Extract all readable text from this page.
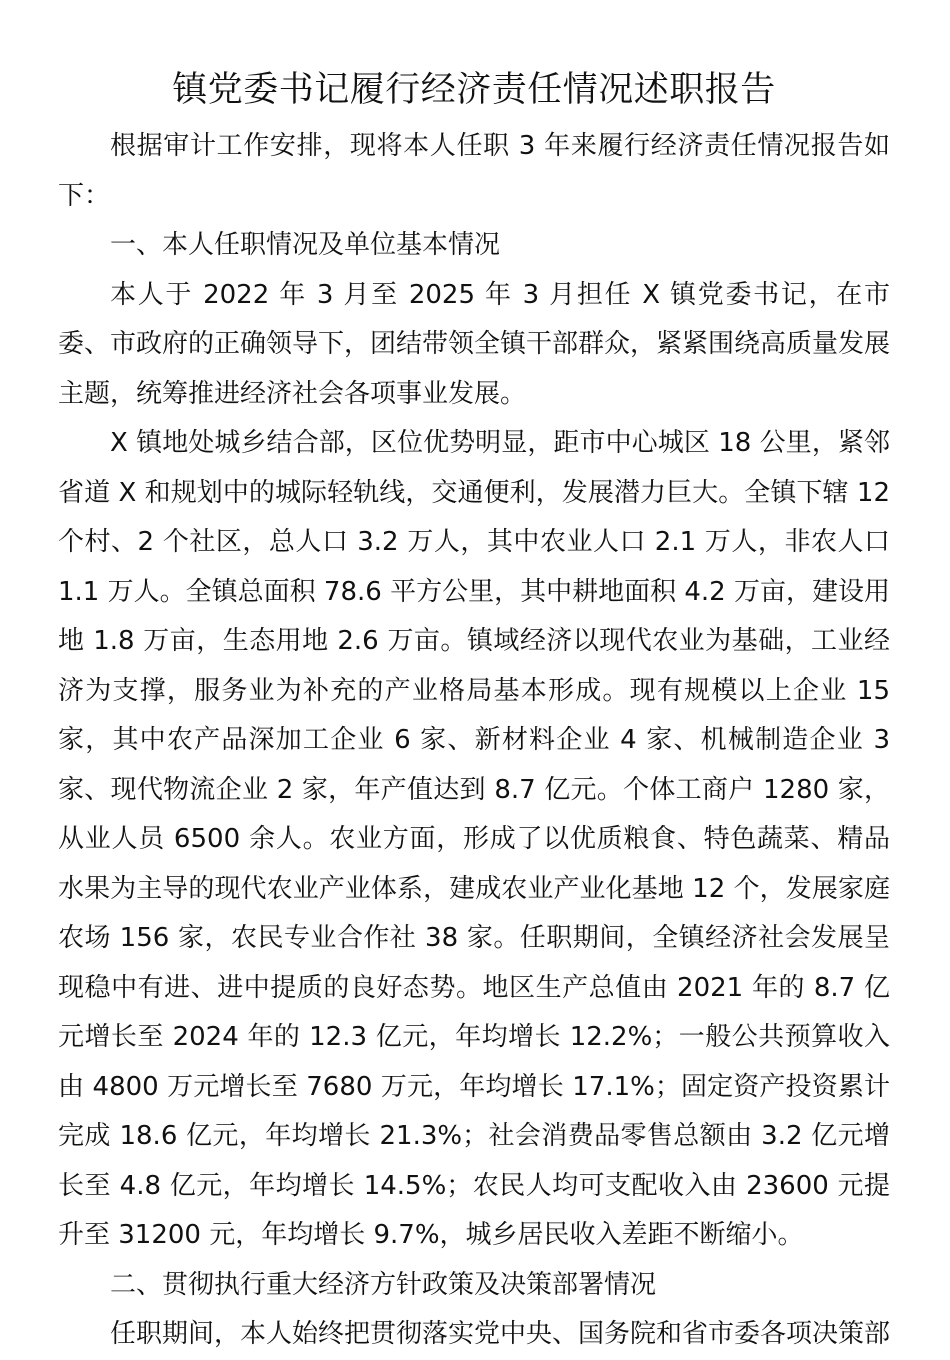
镇党委书记履行经济责任情况述职报告

根据审计工作安排，现将本人任职 3 年来履行经济责任情况报告如下：

一、本人任职情况及单位基本情况

本人于 2022 年 3 月至 2025 年 3 月担任 X 镇党委书记，在市委、市政府的正确领导下，团结带领全镇干部群众，紧紧围绕高质量发展主题，统筹推进经济社会各项事业发展。

X 镇地处城乡结合部，区位优势明显，距市中心城区 18 公里，紧邻省道 X 和规划中的城际轻轨线，交通便利，发展潜力巨大。全镇下辖 12 个村、2 个社区，总人口 3.2 万人，其中农业人口 2.1 万人，非农人口 1.1 万人。全镇总面积 78.6 平方公里，其中耕地面积 4.2 万亩，建设用地 1.8 万亩，生态用地 2.6 万亩。镇域经济以现代农业为基础，工业经济为支撑，服务业为补充的产业格局基本形成。现有规模以上企业 15 家，其中农产品深加工企业 6 家、新材料企业 4 家、机械制造企业 3 家、现代物流企业 2 家，年产值达到 8.7 亿元。个体工商户 1280 家，从业人员 6500 余人。农业方面，形成了以优质粮食、特色蔬菜、精品水果为主导的现代农业产业体系，建成农业产业化基地 12 个，发展家庭农场 156 家，农民专业合作社 38 家。任职期间，全镇经济社会发展呈现稳中有进、进中提质的良好态势。地区生产总值由 2021 年的 8.7 亿元增长至 2024 年的 12.3 亿元，年均增长 12.2%；一般公共预算收入由 4800 万元增长至 7680 万元，年均增长 17.1%；固定资产投资累计完成 18.6 亿元，年均增长 21.3%；社会消费品零售总额由 3.2 亿元增长至 4.8 亿元，年均增长 14.5%；农民人均可支配收入由 23600 元提升至 31200 元，年均增长 9.7%，城乡居民收入差距不断缩小。

二、贯彻执行重大经济方针政策及决策部署情况

任职期间，本人始终把贯彻落实党中央、国务院和省市委各项决策部
